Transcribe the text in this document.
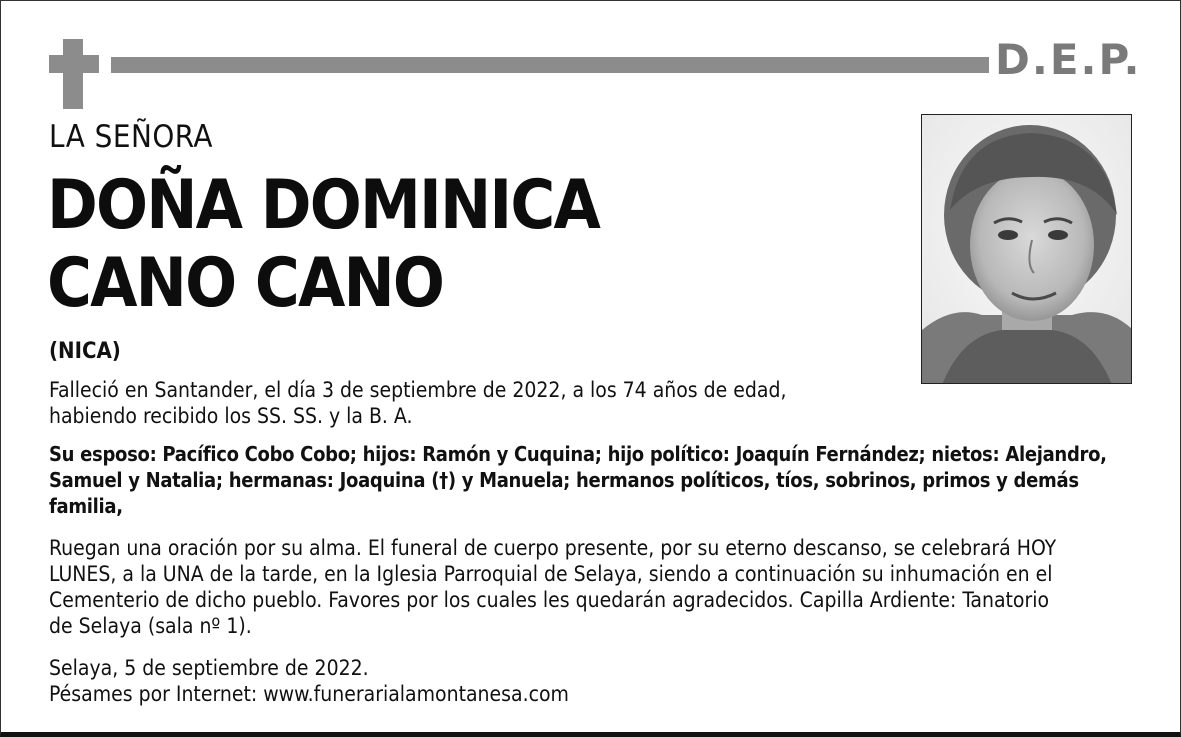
D.E.P.
LA SEÑORA
DOÑA DOMINICA
CANO CANO
(NICA)
Falleció en Santander, el día 3 de septiembre de 2022, a los 74 años de edad,
habiendo recibido los SS. SS. y la B. A.
Su esposo: Pacífico Cobo Cobo; hijos: Ramón y Cuquina; hijo político: Joaquín Fernández; nietos: Alejandro,
Samuel y Natalia; hermanas: Joaquina (†) y Manuela; hermanos políticos, tíos, sobrinos, primos y demás
familia,
Ruegan una oración por su alma. El funeral de cuerpo presente, por su eterno descanso, se celebrará HOY
LUNES, a la UNA de la tarde, en la Iglesia Parroquial de Selaya, siendo a continuación su inhumación en el
Cementerio de dicho pueblo. Favores por los cuales les quedarán agradecidos. Capilla Ardiente: Tanatorio
de Selaya (sala nº 1).
Selaya, 5 de septiembre de 2022.
Pésames por Internet: www.funerarialamontanesa.com
